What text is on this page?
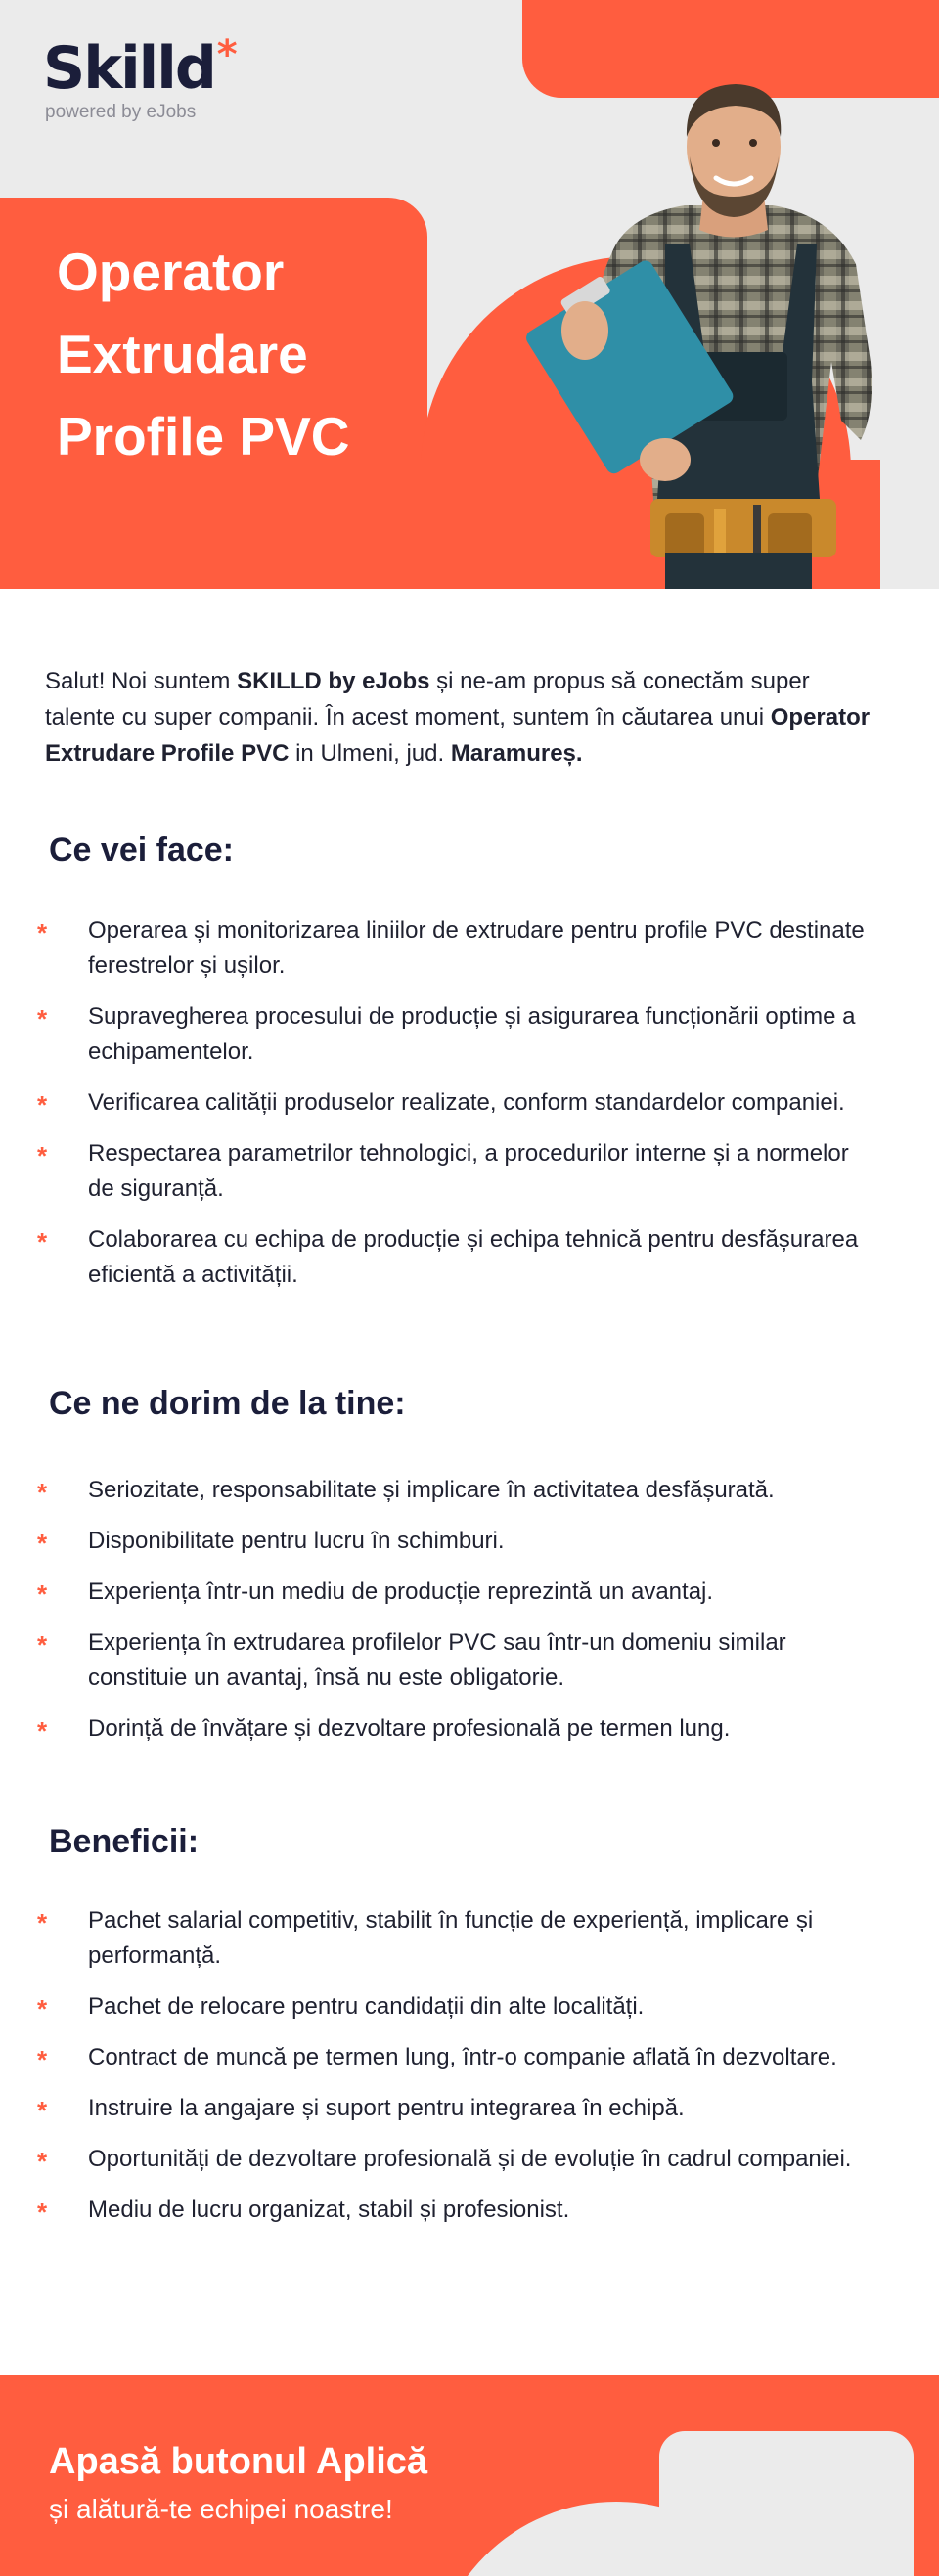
Skilld*
powered by eJobs
Operator Extrudare Profile PVC

Salut! Noi suntem SKILLD by eJobs și ne-am propus să conectăm super talente cu super companii. În acest moment, suntem în căutarea unui Operator Extrudare Profile PVC in Ulmeni, jud. Maramureș.

Ce vei face:
* Operarea și monitorizarea liniilor de extrudare pentru profile PVC destinate ferestrelor și ușilor.
* Supravegherea procesului de producție și asigurarea funcționării optime a echipamentelor.
* Verificarea calității produselor realizate, conform standardelor companiei.
* Respectarea parametrilor tehnologici, a procedurilor interne și a normelor de siguranță.
* Colaborarea cu echipa de producție și echipa tehnică pentru desfășurarea eficientă a activității.
Ce ne dorim de la tine:
* Seriozitate, responsabilitate și implicare în activitatea desfășurată.
* Disponibilitate pentru lucru în schimburi.
* Experiența într-un mediu de producție reprezintă un avantaj.
* Experiența în extrudarea profilelor PVC sau într-un domeniu similar constituie un avantaj, însă nu este obligatorie.
* Dorință de învățare și dezvoltare profesională pe termen lung.
Beneficii:
* Pachet salarial competitiv, stabilit în funcție de experiență, implicare și performanță.
* Pachet de relocare pentru candidații din alte localități.
* Contract de muncă pe termen lung, într-o companie aflată în dezvoltare.
* Instruire la angajare și suport pentru integrarea în echipă.
* Oportunități de dezvoltare profesională și de evoluție în cadrul companiei.
* Mediu de lucru organizat, stabil și profesionist.
Apasă butonul Aplică

și alătură-te echipei noastre!
